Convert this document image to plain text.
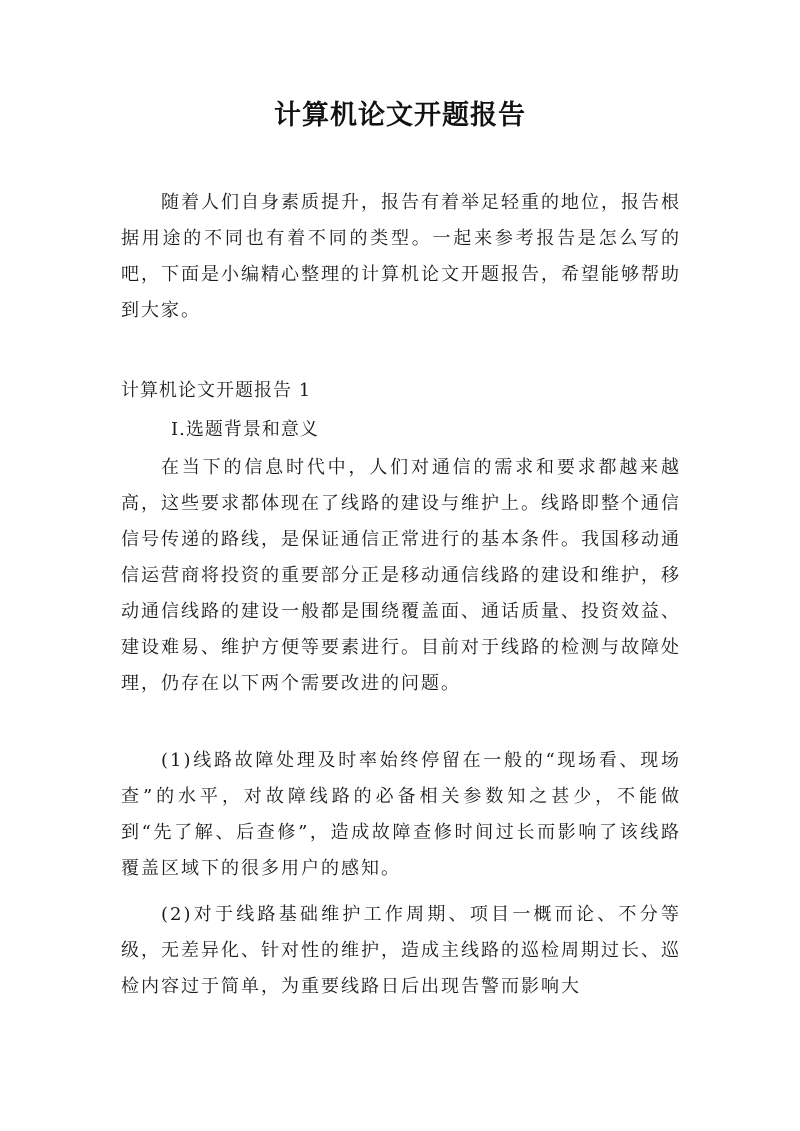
计算机论文开题报告
随着人们自身素质提升，报告有着举足轻重的地位，报告根据用途的不同也有着不同的类型。一起来参考报告是怎么写的吧，下面是小编精心整理的计算机论文开题报告，希望能够帮助到大家。
计算机论文开题报告 1
Ⅰ.选题背景和意义
在当下的信息时代中，人们对通信的需求和要求都越来越高，这些要求都体现在了线路的建设与维护上。线路即整个通信信号传递的路线，是保证通信正常进行的基本条件。我国移动通信运营商将投资的重要部分正是移动通信线路的建设和维护，移动通信线路的建设一般都是围绕覆盖面、通话质量、投资效益、建设难易、维护方便等要素进行。目前对于线路的检测与故障处理，仍存在以下两个需要改进的问题。
(1)线路故障处理及时率始终停留在一般的“现场看、现场查”的水平，对故障线路的必备相关参数知之甚少，不能做到“先了解、后查修”，造成故障查修时间过长而影响了该线路覆盖区域下的很多用户的感知。
(2)对于线路基础维护工作周期、项目一概而论、不分等级，无差异化、针对性的维护，造成主线路的巡检周期过长、巡检内容过于简单，为重要线路日后出现告警而影响大
